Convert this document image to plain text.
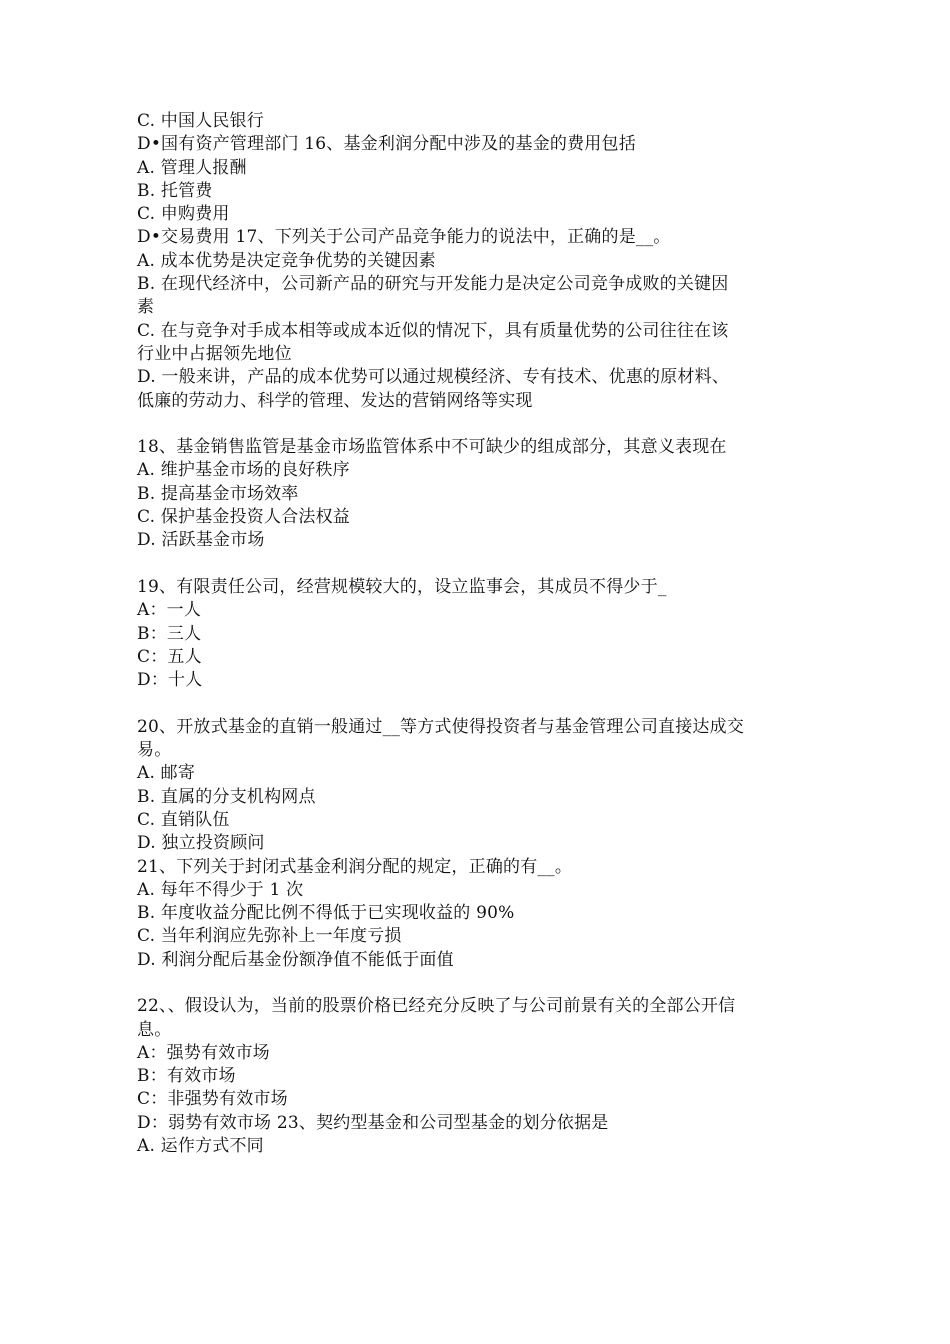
C. 中国人民银行
D•国有资产管理部门 16、基金利润分配中涉及的基金的费用包括
A. 管理人报酬
B. 托管费
C. 申购费用
D•交易费用 17、下列关于公司产品竞争能力的说法中，正确的是__。
A. 成本优势是决定竞争优势的关键因素
B. 在现代经济中，公司新产品的研究与开发能力是决定公司竞争成败的关键因
素
C. 在与竞争对手成本相等或成本近似的情况下，具有质量优势的公司往往在该
行业中占据领先地位
D. 一般来讲，产品的成本优势可以通过规模经济、专有技术、优惠的原材料、
低廉的劳动力、科学的管理、发达的营销网络等实现
18、基金销售监管是基金市场监管体系中不可缺少的组成部分，其意义表现在
A. 维护基金市场的良好秩序
B. 提高基金市场效率
C. 保护基金投资人合法权益
D. 活跃基金市场
19、有限责任公司，经营规模较大的，设立监事会，其成员不得少于_
A：一人
B：三人
C：五人
D：十人
20、开放式基金的直销一般通过__等方式使得投资者与基金管理公司直接达成交
易。
A. 邮寄
B. 直属的分支机构网点
C. 直销队伍
D. 独立投资顾问
21、下列关于封闭式基金利润分配的规定，正确的有__。
A. 每年不得少于 1 次
B. 年度收益分配比例不得低于已实现收益的 90%
C. 当年利润应先弥补上一年度亏损
D. 利润分配后基金份额净值不能低于面值
22、、假设认为，当前的股票价格已经充分反映了与公司前景有关的全部公开信
息。
A：强势有效市场
B：有效市场
C：非强势有效市场
D：弱势有效市场 23、契约型基金和公司型基金的划分依据是
A. 运作方式不同
